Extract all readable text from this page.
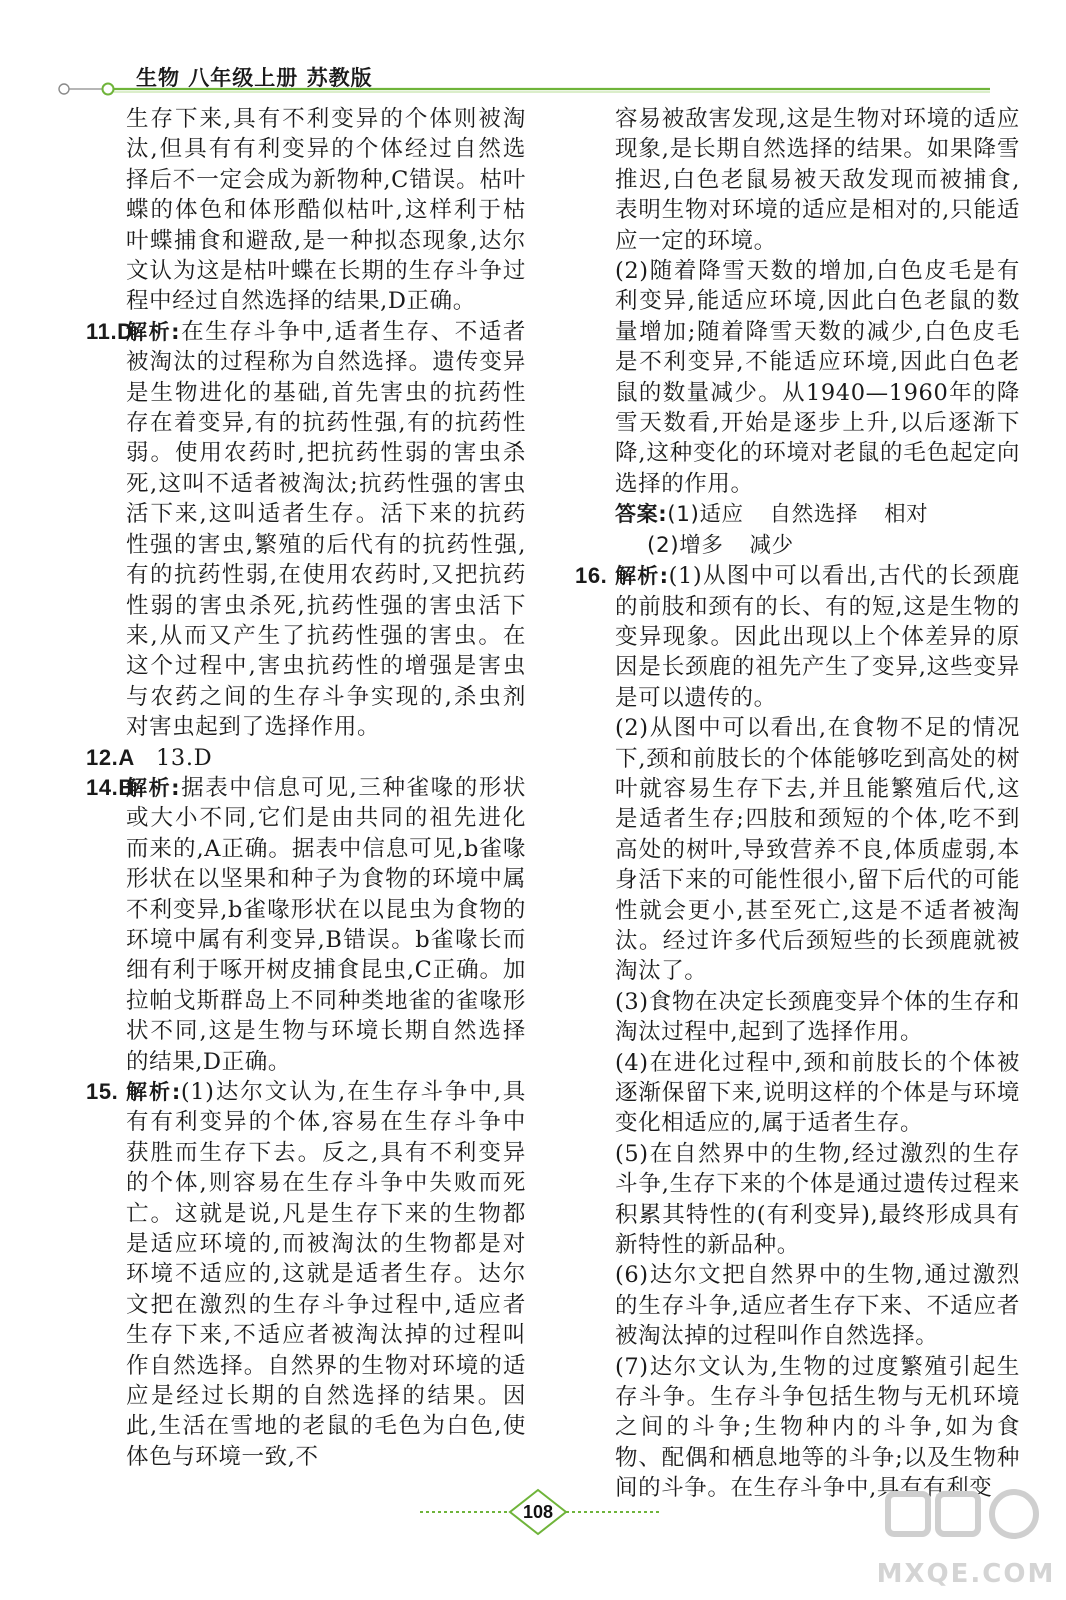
生物 八年级上册 苏教版

生存下来,具有不利变异的个体则被淘汰,但具有有利变异的个体经过自然选择后不一定会成为新物种,C错误。枯叶蝶的体色和体形酷似枯叶,这样利于枯叶蝶捕食和避敌,是一种拟态现象,达尔文认为这是枯叶蝶在长期的生存斗争过程中经过自然选择的结果,D正确。

11.D
解析:在生存斗争中,适者生存、不适者被淘汰的过程称为自然选择。遗传变异是生物进化的基础,首先害虫的抗药性存在着变异,有的抗药性强,有的抗药性弱。使用农药时,把抗药性弱的害虫杀死,这叫不适者被淘汰;抗药性强的害虫活下来,这叫适者生存。活下来的抗药性强的害虫,繁殖的后代有的抗药性强,有的抗药性弱,在使用农药时,又把抗药性弱的害虫杀死,抗药性强的害虫活下来,从而又产生了抗药性强的害虫。在这个过程中,害虫抗药性的增强是害虫与农药之间的生存斗争实现的,杀虫剂对害虫起到了选择作用。
12.A 13.D
14.B
解析:据表中信息可见,三种雀喙的形状或大小不同,它们是由共同的祖先进化而来的,A正确。据表中信息可见,b雀喙形状在以坚果和种子为食物的环境中属不利变异,b雀喙形状在以昆虫为食物的环境中属有利变异,B错误。b雀喙长而细有利于啄开树皮捕食昆虫,C正确。加拉帕戈斯群岛上不同种类地雀的雀喙形状不同,这是生物与环境长期自然选择的结果,D正确。
15. 解析:(1)达尔文认为,在生存斗争中,具有有利变异的个体,容易在生存斗争中获胜而生存下去。反之,具有不利变异的个体,则容易在生存斗争中失败而死亡。这就是说,凡是生存下来的生物都是适应环境的,而被淘汰的生物都是对环境不适应的,这就是适者生存。达尔文把在激烈的生存斗争过程中,适应者生存下来,不适应者被淘汰掉的过程叫作自然选择。自然界的生物对环境的适应是经过长期的自然选择的结果。因此,生活在雪地的老鼠的毛色为白色,使体色与环境一致,不

容易被敌害发现,这是生物对环境的适应现象,是长期自然选择的结果。如果降雪推迟,白色老鼠易被天敌发现而被捕食,表明生物对环境的适应是相对的,只能适应一定的环境。

(2)随着降雪天数的增加,白色皮毛是有利变异,能适应环境,因此白色老鼠的数量增加;随着降雪天数的减少,白色皮毛是不利变异,不能适应环境,因此白色老鼠的数量减少。从1940—1960年的降雪天数看,开始是逐步上升,以后逐渐下降,这种变化的环境对老鼠的毛色起定向选择的作用。

答案:(1)适应 自然选择 相对
(2)增多 减少
16. 解析:(1)从图中可以看出,古代的长颈鹿的前肢和颈有的长、有的短,这是生物的变异现象。因此出现以上个体差异的原因是长颈鹿的祖先产生了变异,这些变异是可以遗传的。

(2)从图中可以看出,在食物不足的情况下,颈和前肢长的个体能够吃到高处的树叶就容易生存下去,并且能繁殖后代,这是适者生存;四肢和颈短的个体,吃不到高处的树叶,导致营养不良,体质虚弱,本身活下来的可能性很小,留下后代的可能性就会更小,甚至死亡,这是不适者被淘汰。经过许多代后颈短些的长颈鹿就被淘汰了。

(3)食物在决定长颈鹿变异个体的生存和淘汰过程中,起到了选择作用。

(4)在进化过程中,颈和前肢长的个体被逐渐保留下来,说明这样的个体是与环境变化相适应的,属于适者生存。

(5)在自然界中的生物,经过激烈的生存斗争,生存下来的个体是通过遗传过程来积累其特性的(有利变异),最终形成具有新特性的新品种。

(6)达尔文把自然界中的生物,通过激烈的生存斗争,适应者生存下来、不适应者被淘汰掉的过程叫作自然选择。

(7)达尔文认为,生物的过度繁殖引起生存斗争。生存斗争包括生物与无机环境之间的斗争;生物种内的斗争,如为食物、配偶和栖息地等的斗争;以及生物种间的斗争。在生存斗争中,具有有利变

108
MXQE.COM
